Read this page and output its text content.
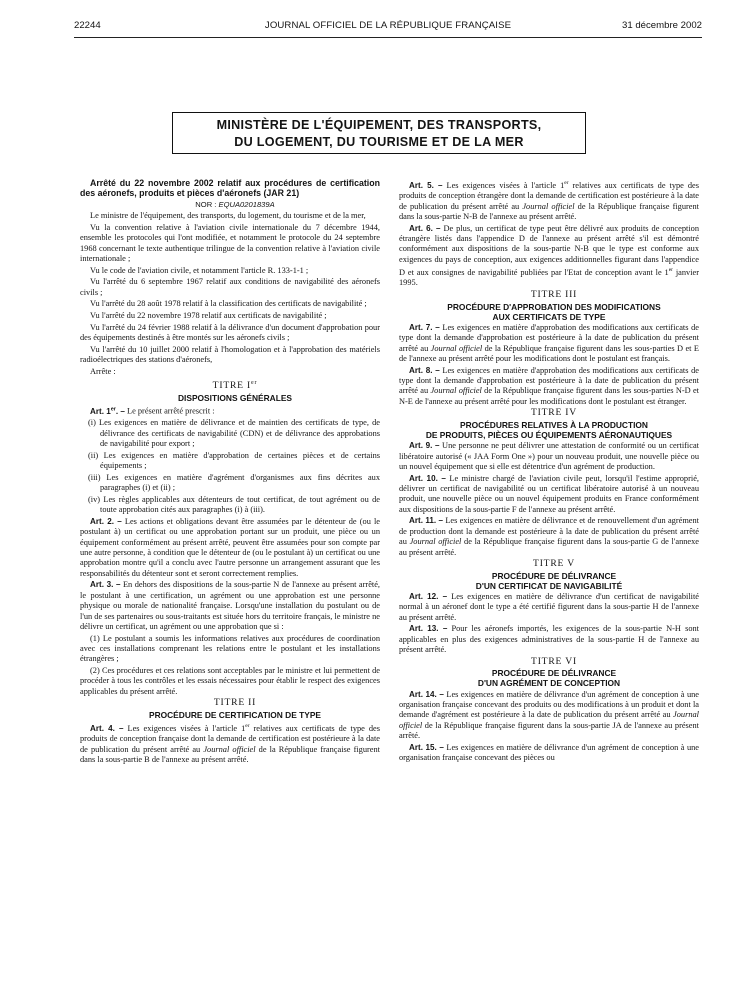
22244	JOURNAL OFFICIEL DE LA RÉPUBLIQUE FRANÇAISE	31 décembre 2002
MINISTÈRE DE L'ÉQUIPEMENT, DES TRANSPORTS,
DU LOGEMENT, DU TOURISME ET DE LA MER

Arrêté du 22 novembre 2002 relatif aux procédures de certification des aéronefs, produits et pièces d'aéronefs (JAR 21)

NOR : EQUA0201839A

Le ministre de l'équipement, des transports, du logement, du tourisme et de la mer,

Vu la convention relative à l'aviation civile internationale du 7 décembre 1944, ensemble les protocoles qui l'ont modifiée, et notamment le protocole du 24 septembre 1968 concernant le texte authentique trilingue de la convention relative à l'aviation civile internationale ;

Vu le code de l'aviation civile, et notamment l'article R. 133-1-1 ;

Vu l'arrêté du 6 septembre 1967 relatif aux conditions de navigabilité des aéronefs civils ;

Vu l'arrêté du 28 août 1978 relatif à la classification des certificats de navigabilité ;

Vu l'arrêté du 22 novembre 1978 relatif aux certificats de navigabilité ;

Vu l'arrêté du 24 février 1988 relatif à la délivrance d'un document d'approbation pour des équipements destinés à être montés sur les aéronefs civils ;

Vu l'arrêté du 10 juillet 2000 relatif à l'homologation et à l'approbation des matériels radioélectriques des stations d'aéronefs,

Arrête :

TITRE Ier

DISPOSITIONS GÉNÉRALES

Art. 1er. – Le présent arrêté prescrit :

(i) Les exigences en matière de délivrance et de maintien des certificats de type, de délivrance des certificats de navigabilité (CDN) et de délivrance des approbations de navigabilité pour export ;

(ii) Les exigences en matière d'approbation de certaines pièces et de certains équipements ;

(iii) Les exigences en matière d'agrément d'organismes aux fins décrites aux paragraphes (i) et (ii) ;

(iv) Les règles applicables aux détenteurs de tout certificat, de tout agrément ou de toute approbation cités aux paragraphes (i) à (iii).

Art. 2. – Les actions et obligations devant être assumées par le détenteur de (ou le postulant à) un certificat ou une approbation portant sur un produit, une pièce ou un équipement conformément au présent arrêté, peuvent être assumées pour son compte par une autre personne, à condition que le détenteur de (ou le postulant à) un certificat ou une approbation montre qu'il a conclu avec l'autre personne un arrangement assurant que les responsabilités du détenteur sont et seront correctement remplies.

Art. 3. – En dehors des dispositions de la sous-partie N de l'annexe au présent arrêté, le postulant à une certification, un agrément ou une approbation est une personne physique ou morale de nationalité française. Lorsqu'une installation du postulant ou de l'un de ses partenaires ou sous-traitants est située hors du territoire français, le ministre ne délivre un certificat, un agrément ou une approbation que si :

(1) Le postulant a soumis les informations relatives aux procédures de coordination avec ces installations comprenant les relations entre le postulant et les installations étrangères ;

(2) Ces procédures et ces relations sont acceptables par le ministre et lui permettent de procéder à tous les contrôles et les essais nécessaires pour établir le respect des exigences applicables du présent arrêté.

TITRE II

PROCÉDURE DE CERTIFICATION DE TYPE

Art. 4. – Les exigences visées à l'article 1er relatives aux certificats de type des produits de conception française dont la demande de certification est postérieure à la date de publication du présent arrêté au Journal officiel de la République française figurent dans la sous-partie B de l'annexe au présent arrêté.

Art. 5. – Les exigences visées à l'article 1er relatives aux certificats de type des produits de conception étrangère dont la demande de certification est postérieure à la date de publication du présent arrêté au Journal officiel de la République française figurent dans la sous-partie N-B de l'annexe au présent arrêté.

Art. 6. – De plus, un certificat de type peut être délivré aux produits de conception étrangère listés dans l'appendice D de l'annexe au présent arrêté s'il est démontré conformément aux dispositions de la sous-partie N-B que le type est conforme aux exigences du pays de conception, aux exigences additionnelles figurant dans l'appendice D et aux consignes de navigabilité publiées par l'Etat de conception avant le 1er janvier 1995.

TITRE III

PROCÉDURE D'APPROBATION DES MODIFICATIONS
AUX CERTIFICATS DE TYPE

Art. 7. – Les exigences en matière d'approbation des modifications aux certificats de type dont la demande d'approbation est postérieure à la date de publication du présent arrêté au Journal officiel de la République française figurent dans les sous-parties D et E de l'annexe au présent arrêté pour les modifications dont le postulant est français.

Art. 8. – Les exigences en matière d'approbation des modifications aux certificats de type dont la demande d'approbation est postérieure à la date de publication du présent arrêté au Journal officiel de la République française figurent dans les sous-parties N-D et N-E de l'annexe au présent arrêté pour les modifications dont le postulant est étranger.

TITRE IV

PROCÉDURES RELATIVES À LA PRODUCTION
DE PRODUITS, PIÈCES OU ÉQUIPEMENTS AÉRONAUTIQUES

Art. 9. – Une personne ne peut délivrer une attestation de conformité ou un certificat libératoire autorisé (« JAA Form One ») pour un nouveau produit, une nouvelle pièce ou un nouvel équipement que si elle est détentrice d'un agrément de production.

Art. 10. – Le ministre chargé de l'aviation civile peut, lorsqu'il l'estime approprié, délivrer un certificat de navigabilité ou un certificat libératoire autorisé à un nouveau produit, une nouvelle pièce ou un nouvel équipement produits en France conformément aux dispositions de la sous-partie F de l'annexe au présent arrêté.

Art. 11. – Les exigences en matière de délivrance et de renouvellement d'un agrément de production dont la demande est postérieure à la date de publication du présent arrêté au Journal officiel de la République française figurent dans la sous-partie G de l'annexe au présent arrêté.

TITRE V

PROCÉDURE DE DÉLIVRANCE
D'UN CERTIFICAT DE NAVIGABILITÉ

Art. 12. – Les exigences en matière de délivrance d'un certificat de navigabilité normal à un aéronef dont le type a été certifié figurent dans la sous-partie H de l'annexe au présent arrêté.

Art. 13. – Pour les aéronefs importés, les exigences de la sous-partie N-H sont applicables en plus des exigences administratives de la sous-partie H de l'annexe au présent arrêté.

TITRE VI

PROCÉDURE DE DÉLIVRANCE
D'UN AGRÉMENT DE CONCEPTION

Art. 14. – Les exigences en matière de délivrance d'un agrément de conception à une organisation française concevant des produits ou des modifications à un produit et dont la demande d'agrément est postérieure à la date de publication du présent arrêté au Journal officiel de la République française figurent dans la sous-partie JA de l'annexe au présent arrêté.

Art. 15. – Les exigences en matière de délivrance d'un agrément de conception à une organisation française concevant des pièces ou
